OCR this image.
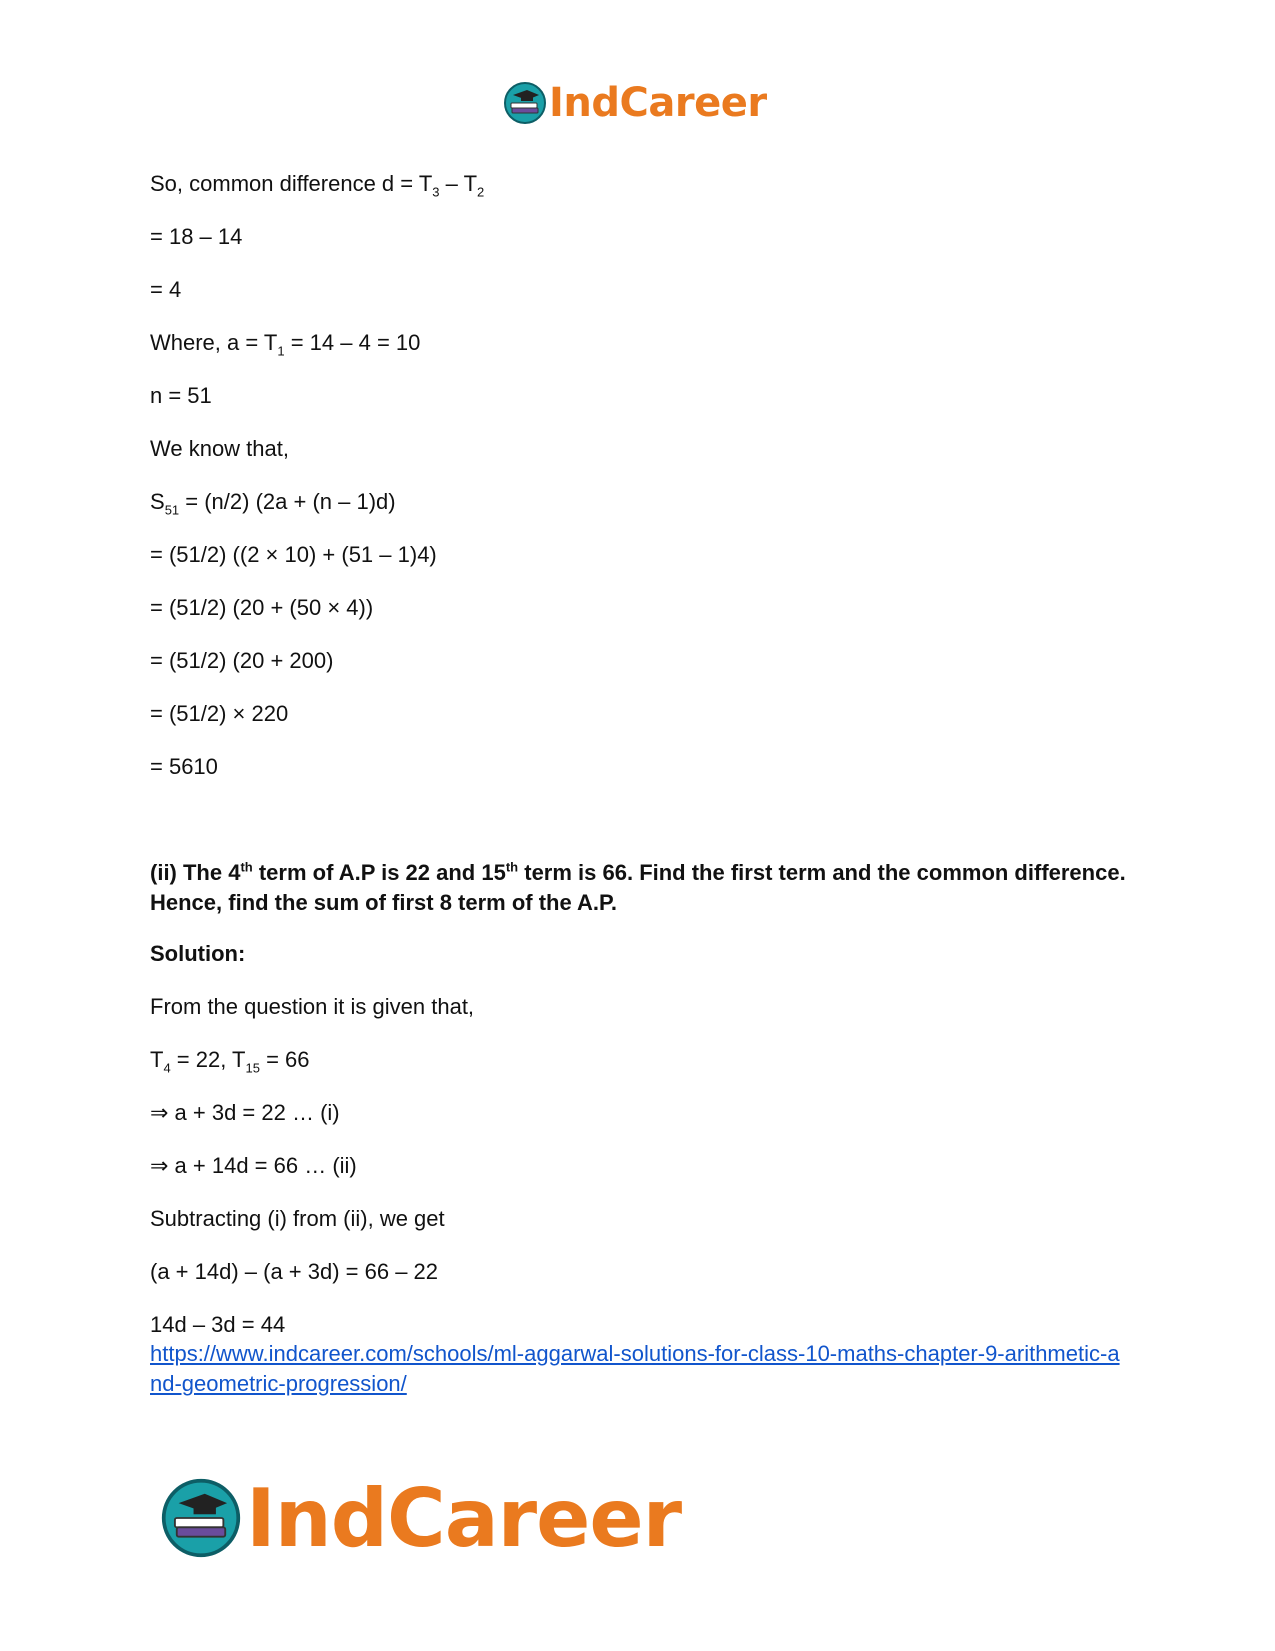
IndCareer
So, common difference $d = T_3 - T_2$
= 18 – 14
= 4
Where, $a = T_1 = 14 - 4 = 10$
n = 51
We know that,
$S_{51} = (n/2) (2a + (n - 1)d)$
= (51/2) ((2 × 10) + (51 – 1)4)
= (51/2) (20 + (50 × 4))
= (51/2) (20 + 200)
= (51/2) × 220
= 5610
(ii) The 4th term of A.P is 22 and 15th term is 66. Find the first term and the common difference. Hence, find the sum of first 8 term of the A.P.
Solution:
From the question it is given that,
$T_4 = 22$, $T_{15} = 66$
⇒ a + 3d = 22 … (i)
⇒ a + 14d = 66 … (ii)
Subtracting (i) from (ii), we get
(a + 14d) – (a + 3d) = 66 – 22
14d – 3d = 44
https://www.indcareer.com/schools/ml-aggarwal-solutions-for-class-10-maths-chapter-9-arithmetic-and-geometric-progression/
IndCareer
